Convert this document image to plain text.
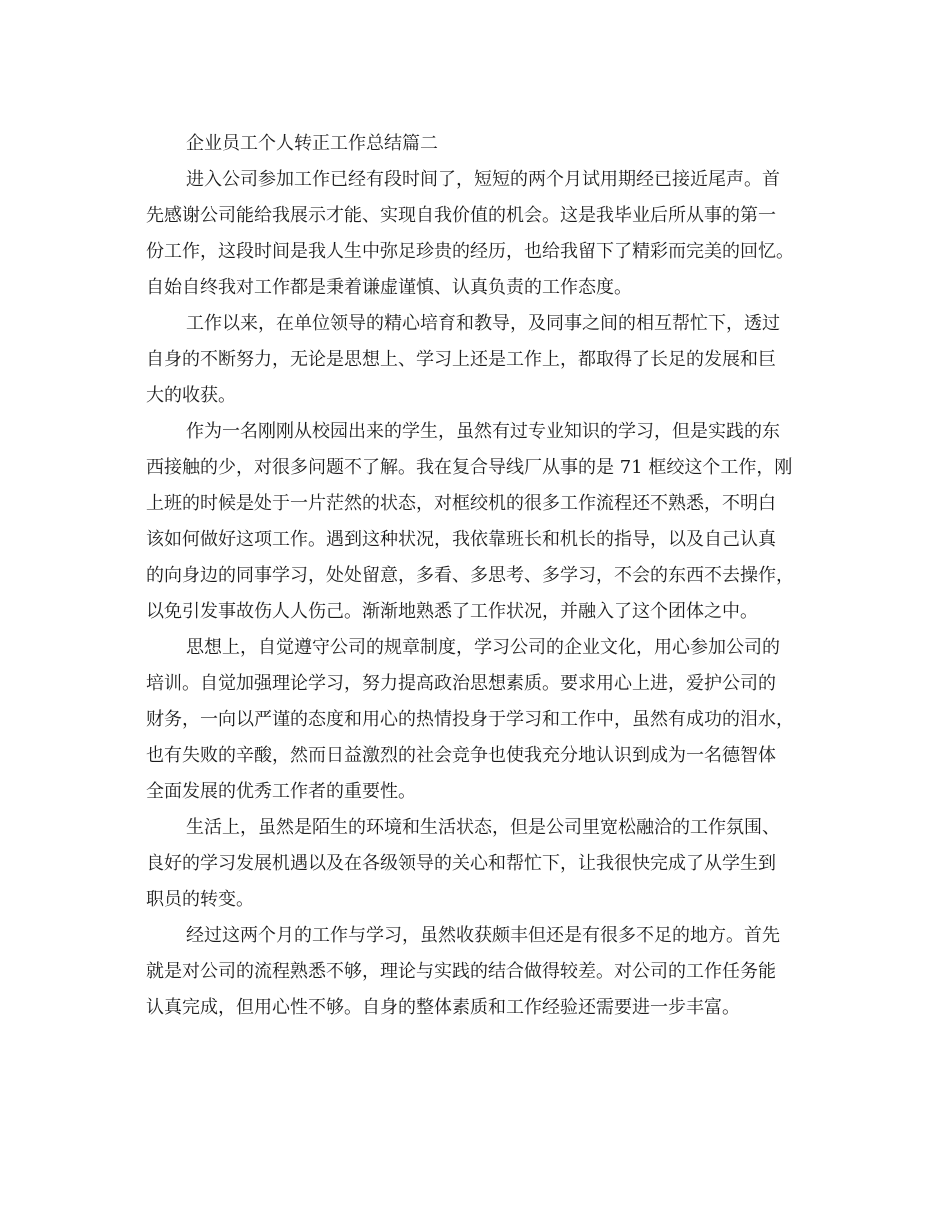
企业员工个人转正工作总结篇二

进入公司参加工作已经有段时间了，短短的两个月试用期经已接近尾声。首
先感谢公司能给我展示才能、实现自我价值的机会。这是我毕业后所从事的第一
份工作，这段时间是我人生中弥足珍贵的经历，也给我留下了精彩而完美的回忆。
自始自终我对工作都是秉着谦虚谨慎、认真负责的工作态度。

工作以来，在单位领导的精心培育和教导，及同事之间的相互帮忙下，透过
自身的不断努力，无论是思想上、学习上还是工作上，都取得了长足的发展和巨
大的收获。

作为一名刚刚从校园出来的学生，虽然有过专业知识的学习，但是实践的东
西接触的少，对很多问题不了解。我在复合导线厂从事的是 71 框绞这个工作，刚
上班的时候是处于一片茫然的状态，对框绞机的很多工作流程还不熟悉，不明白
该如何做好这项工作。遇到这种状况，我依靠班长和机长的指导，以及自己认真
的向身边的同事学习，处处留意，多看、多思考、多学习，不会的东西不去操作，
以免引发事故伤人人伤己。渐渐地熟悉了工作状况，并融入了这个团体之中。

思想上，自觉遵守公司的规章制度，学习公司的企业文化，用心参加公司的
培训。自觉加强理论学习，努力提高政治思想素质。要求用心上进，爱护公司的
财务，一向以严谨的态度和用心的热情投身于学习和工作中，虽然有成功的泪水，
也有失败的辛酸，然而日益激烈的社会竞争也使我充分地认识到成为一名德智体
全面发展的优秀工作者的重要性。

生活上，虽然是陌生的环境和生活状态，但是公司里宽松融洽的工作氛围、
良好的学习发展机遇以及在各级领导的关心和帮忙下，让我很快完成了从学生到
职员的转变。

经过这两个月的工作与学习，虽然收获颇丰但还是有很多不足的地方。首先
就是对公司的流程熟悉不够，理论与实践的结合做得较差。对公司的工作任务能
认真完成，但用心性不够。自身的整体素质和工作经验还需要进一步丰富。
